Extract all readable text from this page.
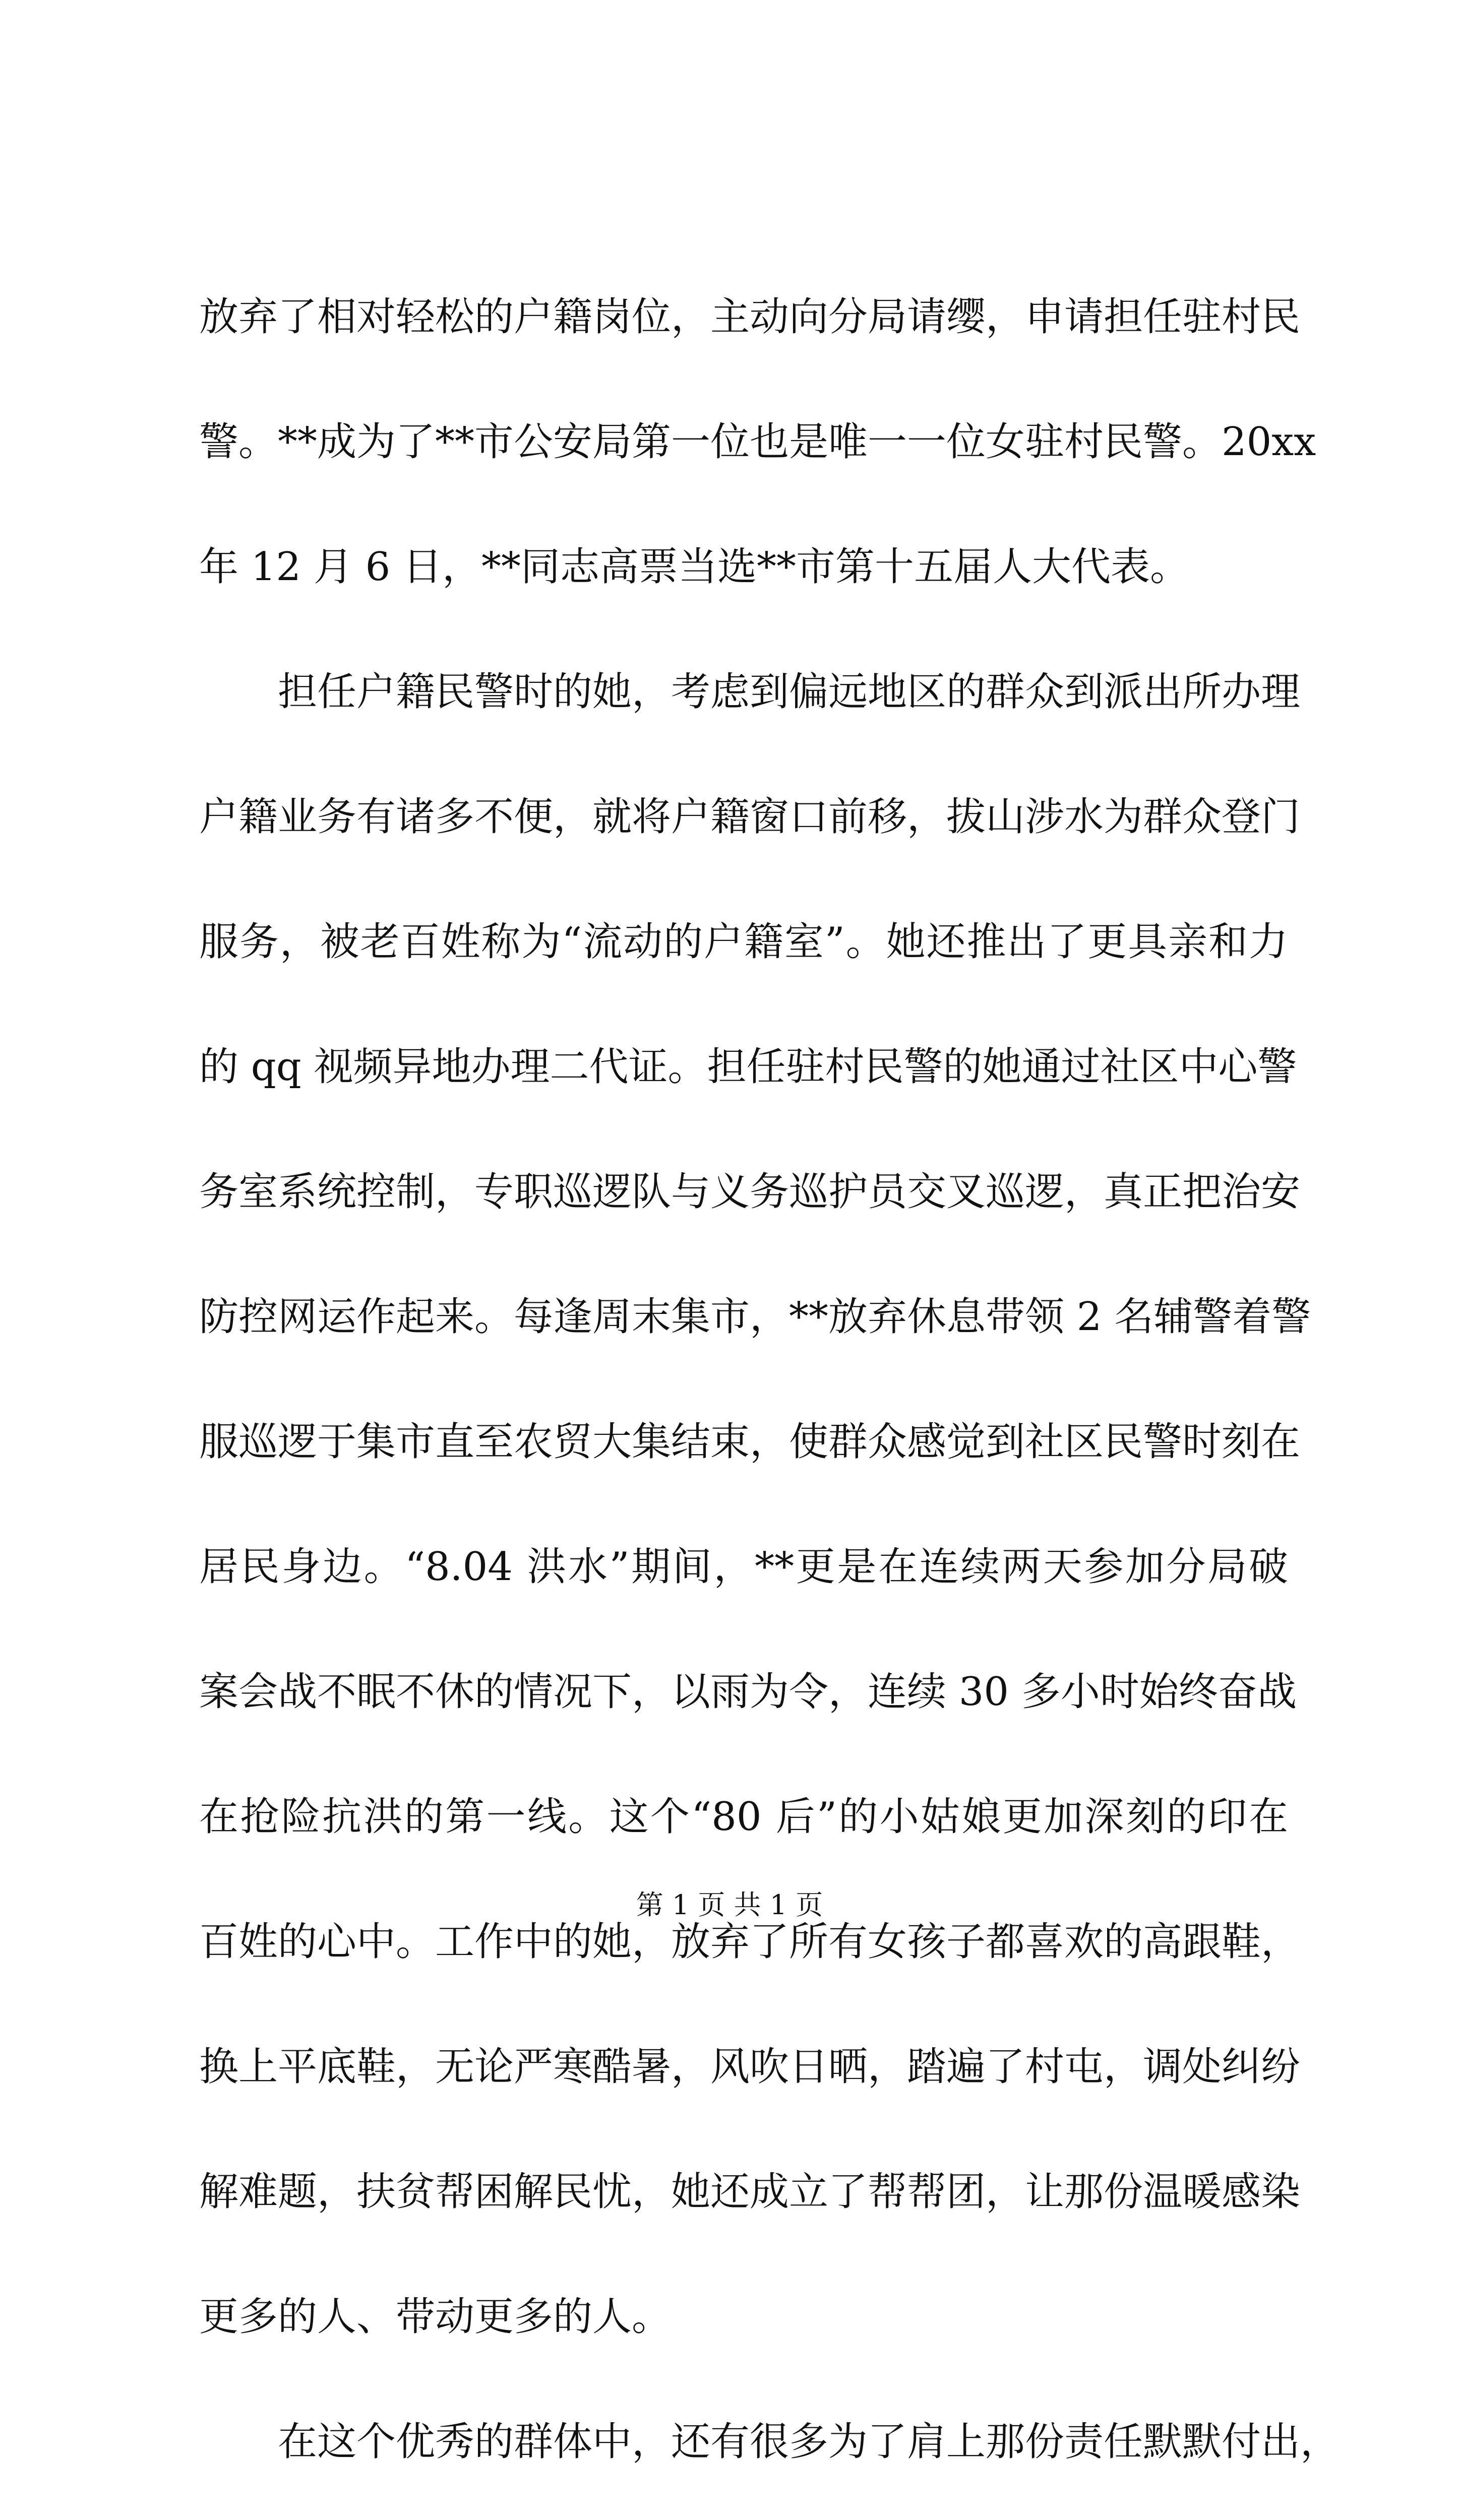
放弃了相对轻松的户籍岗位，主动向分局请缨，申请担任驻村民
警。**成为了**市公安局第一位也是唯一一位女驻村民警。20xx
年 12 月 6 日，**同志高票当选**市第十五届人大代表。
担任户籍民警时的她，考虑到偏远地区的群众到派出所办理
户籍业务有诸多不便，就将户籍窗口前移，拔山涉水为群众登门
服务，被老百姓称为“流动的户籍室”。她还推出了更具亲和力
的 qq 视频异地办理二代证。担任驻村民警的她通过社区中心警
务室系统控制，专职巡逻队与义务巡护员交叉巡逻，真正把治安
防控网运作起来。每逢周末集市，**放弃休息带领 2 名辅警着警
服巡逻于集市直至农贸大集结束，使群众感觉到社区民警时刻在
居民身边。“8.04 洪水”期间，**更是在连续两天参加分局破
案会战不眠不休的情况下，以雨为令，连续 30 多小时始终奋战
在抢险抗洪的第一线。这个“80 后”的小姑娘更加深刻的印在
百姓的心中。工作中的她，放弃了所有女孩子都喜欢的高跟鞋，
换上平底鞋，无论严寒酷暑，风吹日晒，踏遍了村屯，调处纠纷
解难题，扶贫帮困解民忧，她还成立了帮帮团，让那份温暖感染
更多的人、带动更多的人。
在这个优秀的群体中，还有很多为了肩上那份责任默默付出，
第 1 页 共 1 页
